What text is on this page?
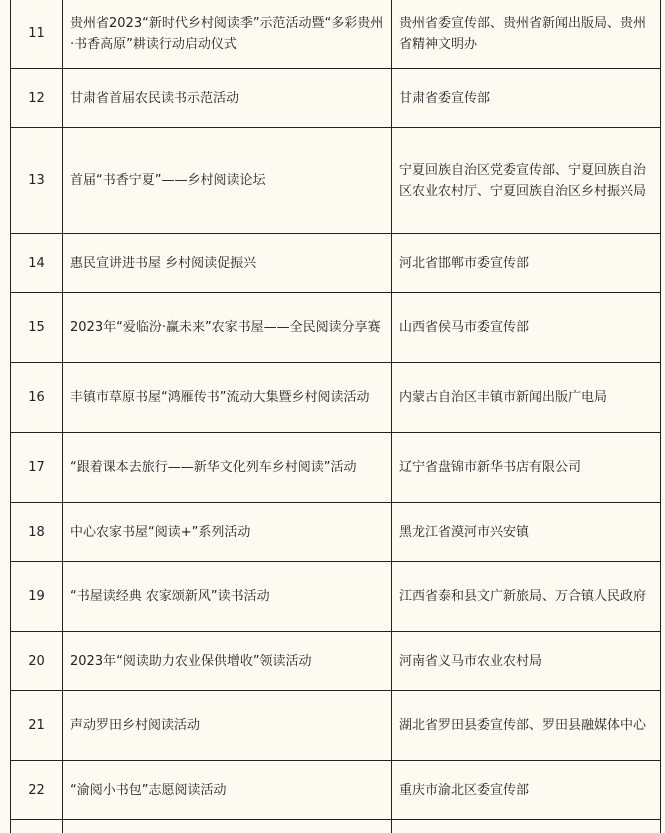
11	贵州省2023“新时代乡村阅读季”示范活动暨“多彩贵州·书香高原”耕读行动启动仪式	贵州省委宣传部、贵州省新闻出版局、贵州省精神文明办
12	甘肃省首届农民读书示范活动	甘肃省委宣传部
13	首届“书香宁夏”——乡村阅读论坛	宁夏回族自治区党委宣传部、宁夏回族自治区农业农村厅、宁夏回族自治区乡村振兴局
14	惠民宣讲进书屋 乡村阅读促振兴	河北省邯郸市委宣传部
15	2023年“爱临汾·赢未来”农家书屋——全民阅读分享赛	山西省侯马市委宣传部
16	丰镇市草原书屋“鸿雁传书”流动大集暨乡村阅读活动	内蒙古自治区丰镇市新闻出版广电局
17	“跟着课本去旅行——新华文化列车乡村阅读”活动	辽宁省盘锦市新华书店有限公司
18	中心农家书屋“阅读+”系列活动	黑龙江省漠河市兴安镇
19	“书屋读经典 农家颂新风”读书活动	江西省泰和县文广新旅局、万合镇人民政府
20	2023年“阅读助力农业保供增收”领读活动	河南省义马市农业农村局
21	声动罗田乡村阅读活动	湖北省罗田县委宣传部、罗田县融媒体中心
22	“渝阅小书包”志愿阅读活动	重庆市渝北区委宣传部
